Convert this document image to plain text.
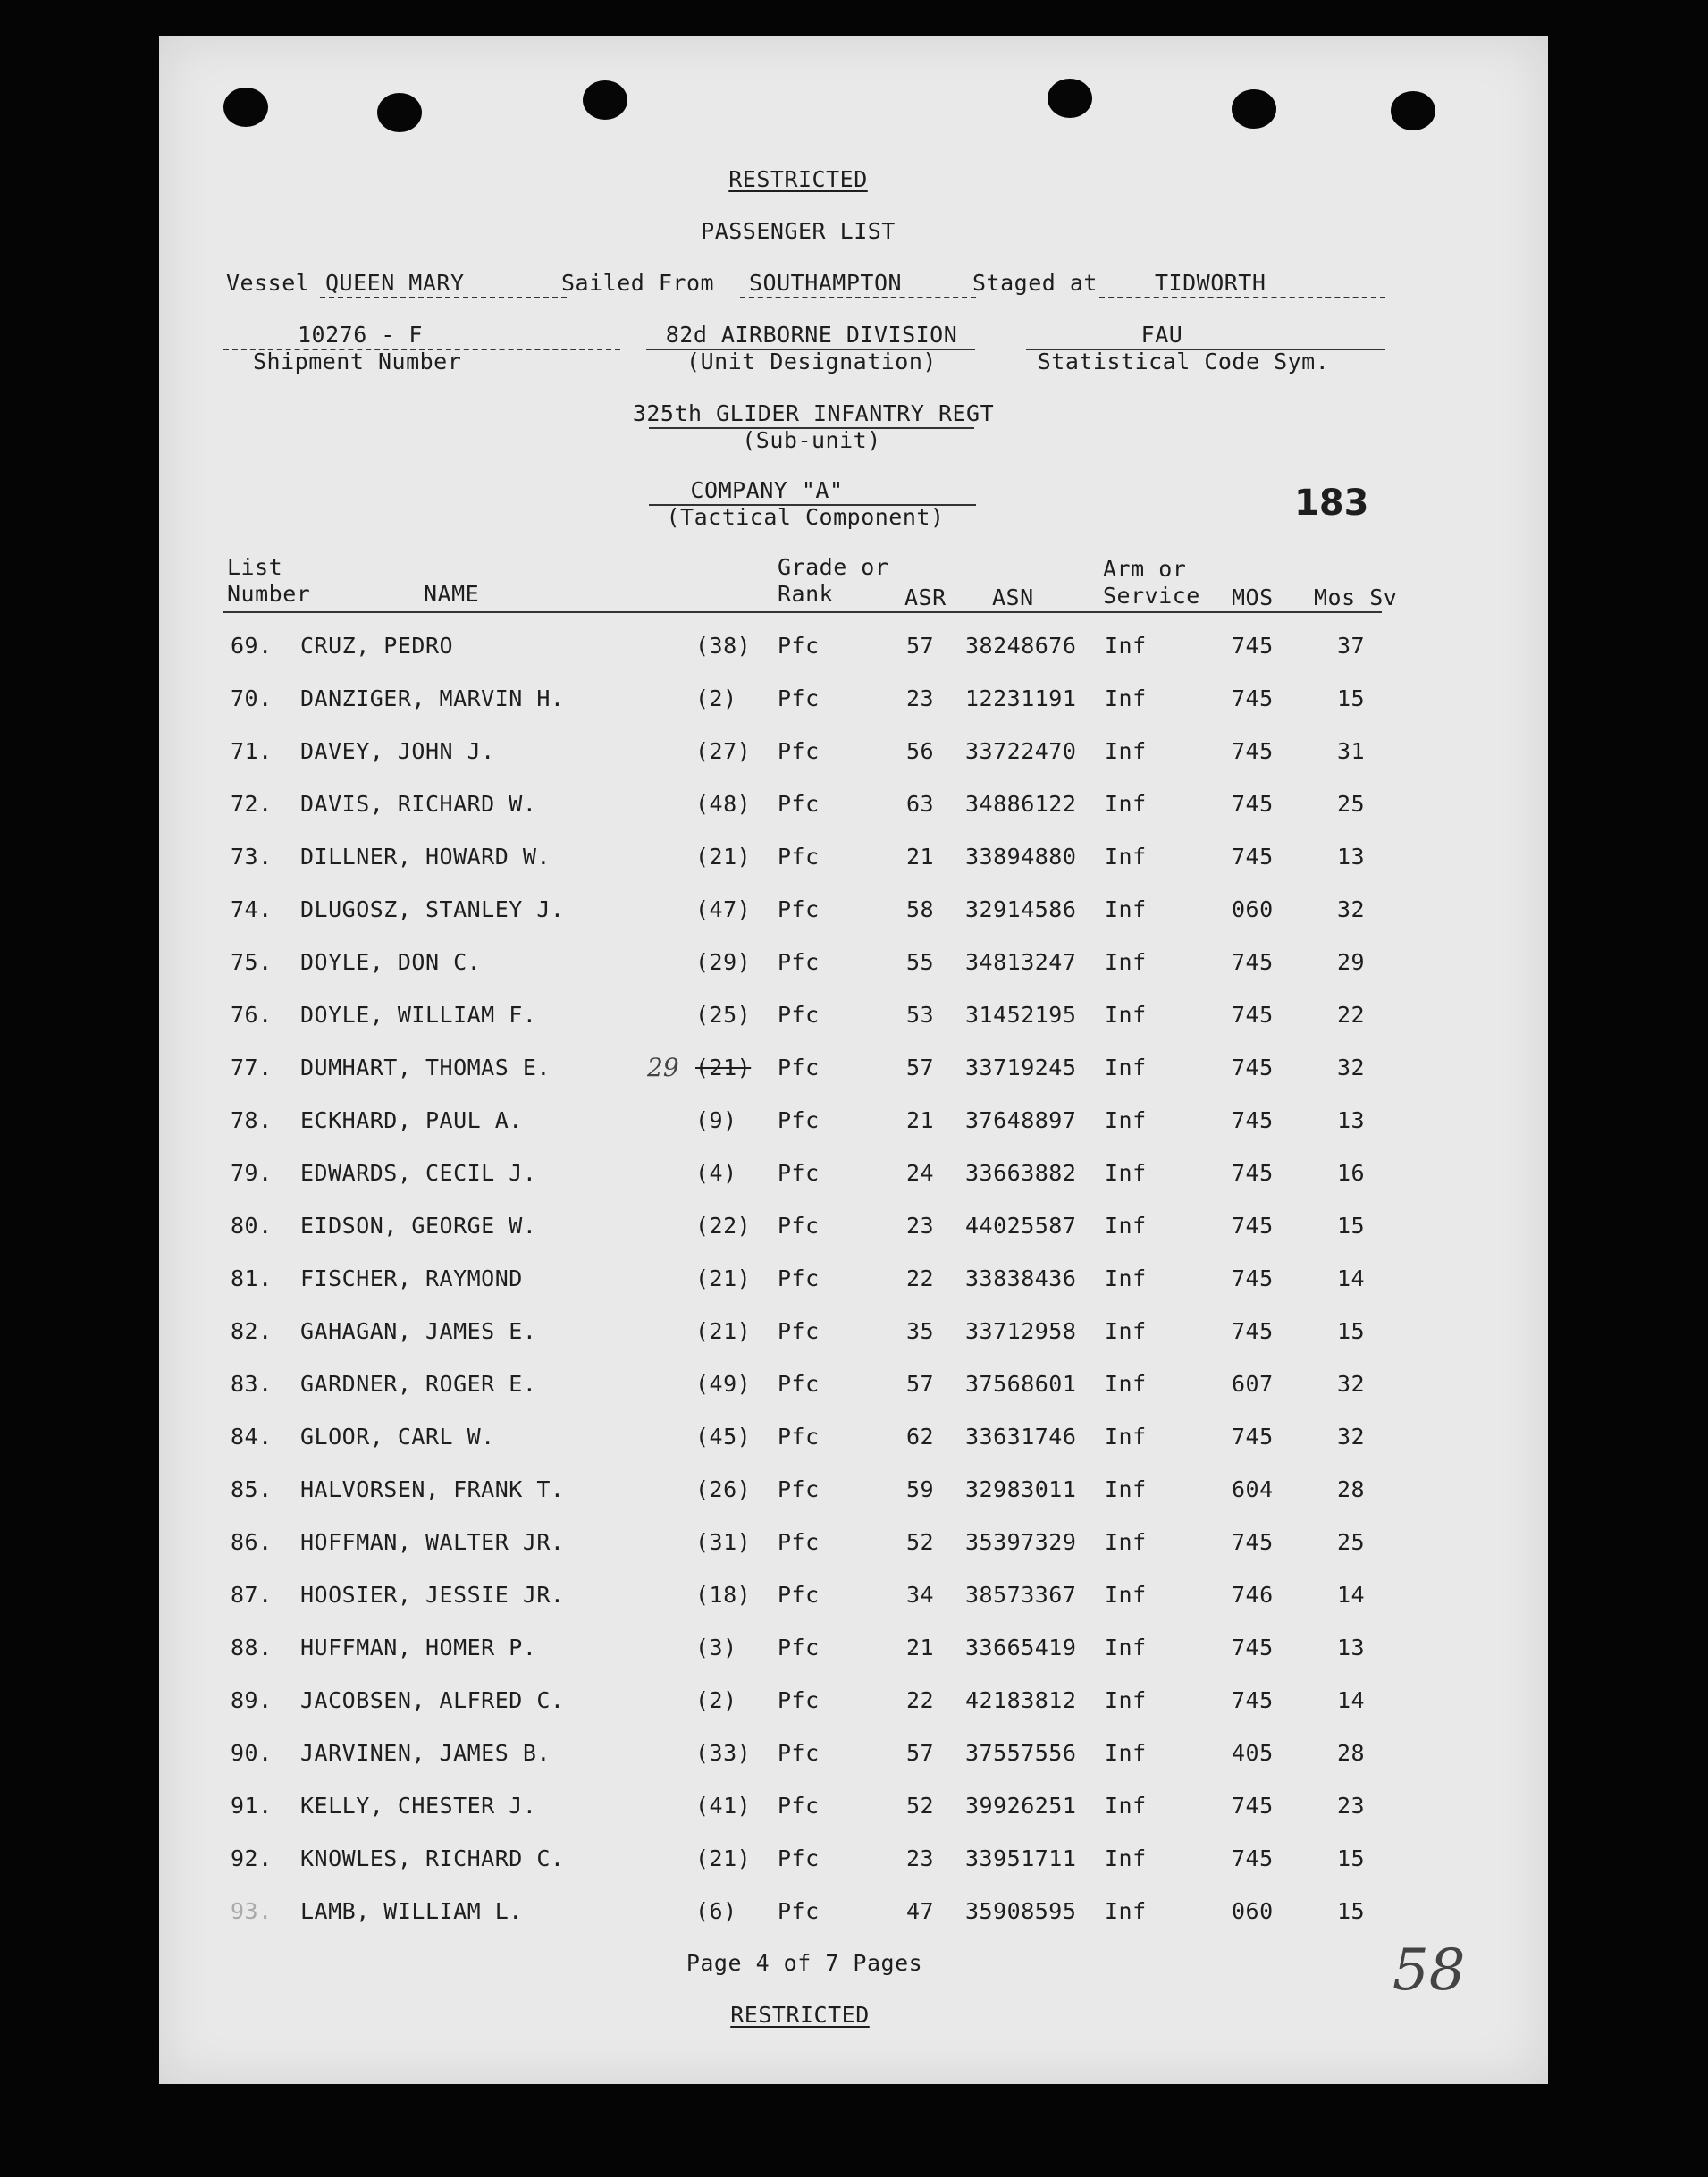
RESTRICTED
PASSENGER LIST
Vessel QUEEN MARY	Sailed From SOUTHAMPTON	Staged at	TIDWORTH
10276 - F
Shipment Number
82d AIRBORNE DIVISION
(Unit Designation)
FAU
Statistical Code Sym.
325th GLIDER INFANTRY REGT
(Sub-unit)
COMPANY "A"
(Tactical Component)	183
List
Number	NAME
Grade or
Rank	ASR ASN
Arm or
Service MOS Mos Sv
69. CRUZ, PEDRO	(38) Pfc	57 38248676 Inf	745	37
70. DANZIGER, MARVIN H.	(2) Pfc	23 12231191 Inf	745	15
71. DAVEY, JOHN J.	(27) Pfc	56 33722470 Inf	745	31
72. DAVIS, RICHARD W.	(48) Pfc	63 34886122 Inf	745	25
73. DILLNER, HOWARD W.	(21) Pfc	21 33894880 Inf	745	13
74. DLUGOSZ, STANLEY J.	(47) Pfc	58 32914586 Inf	060	32
75. DOYLE, DON C.	(29) Pfc	55 34813247 Inf	745	29
76. DOYLE, WILLIAM F.	(25) Pfc	53 31452195 Inf	745	22
77. DUMHART, THOMAS E.	29 (21) Pfc	57 33719245 Inf	745	32
78. ECKHARD, PAUL A.	(9) Pfc	21 37648897 Inf	745	13
79. EDWARDS, CECIL J.	(4) Pfc	24 33663882 Inf	745	16
80. EIDSON, GEORGE W.	(22) Pfc	23 44025587 Inf	745	15
81. FISCHER, RAYMOND	(21) Pfc	22 33838436 Inf	745	14
82. GAHAGAN, JAMES E.	(21) Pfc	35 33712958 Inf	745	15
83. GARDNER, ROGER E.	(49) Pfc	57 37568601 Inf	607	32
84. GLOOR, CARL W.	(45) Pfc	62 33631746 Inf	745	32
85. HALVORSEN, FRANK T.	(26) Pfc	59 32983011 Inf	604	28
86. HOFFMAN, WALTER JR.	(31) Pfc	52 35397329 Inf	745	25
87. HOOSIER, JESSIE JR.	(18) Pfc	34 38573367 Inf	746	14
88. HUFFMAN, HOMER P.	(3) Pfc	21 33665419 Inf	745	13
89. JACOBSEN, ALFRED C.	(2) Pfc	22 42183812 Inf	745	14
90. JARVINEN, JAMES B.	(33) Pfc	57 37557556 Inf	405	28
91. KELLY, CHESTER J.	(41) Pfc	52 39926251 Inf	745	23
92. KNOWLES, RICHARD C.	(21) Pfc	23 33951711 Inf	745	15
93. LAMB, WILLIAM L.	(6) Pfc	47 35908595 Inf	060	15
Page 4 of 7 Pages
RESTRICTED
58
